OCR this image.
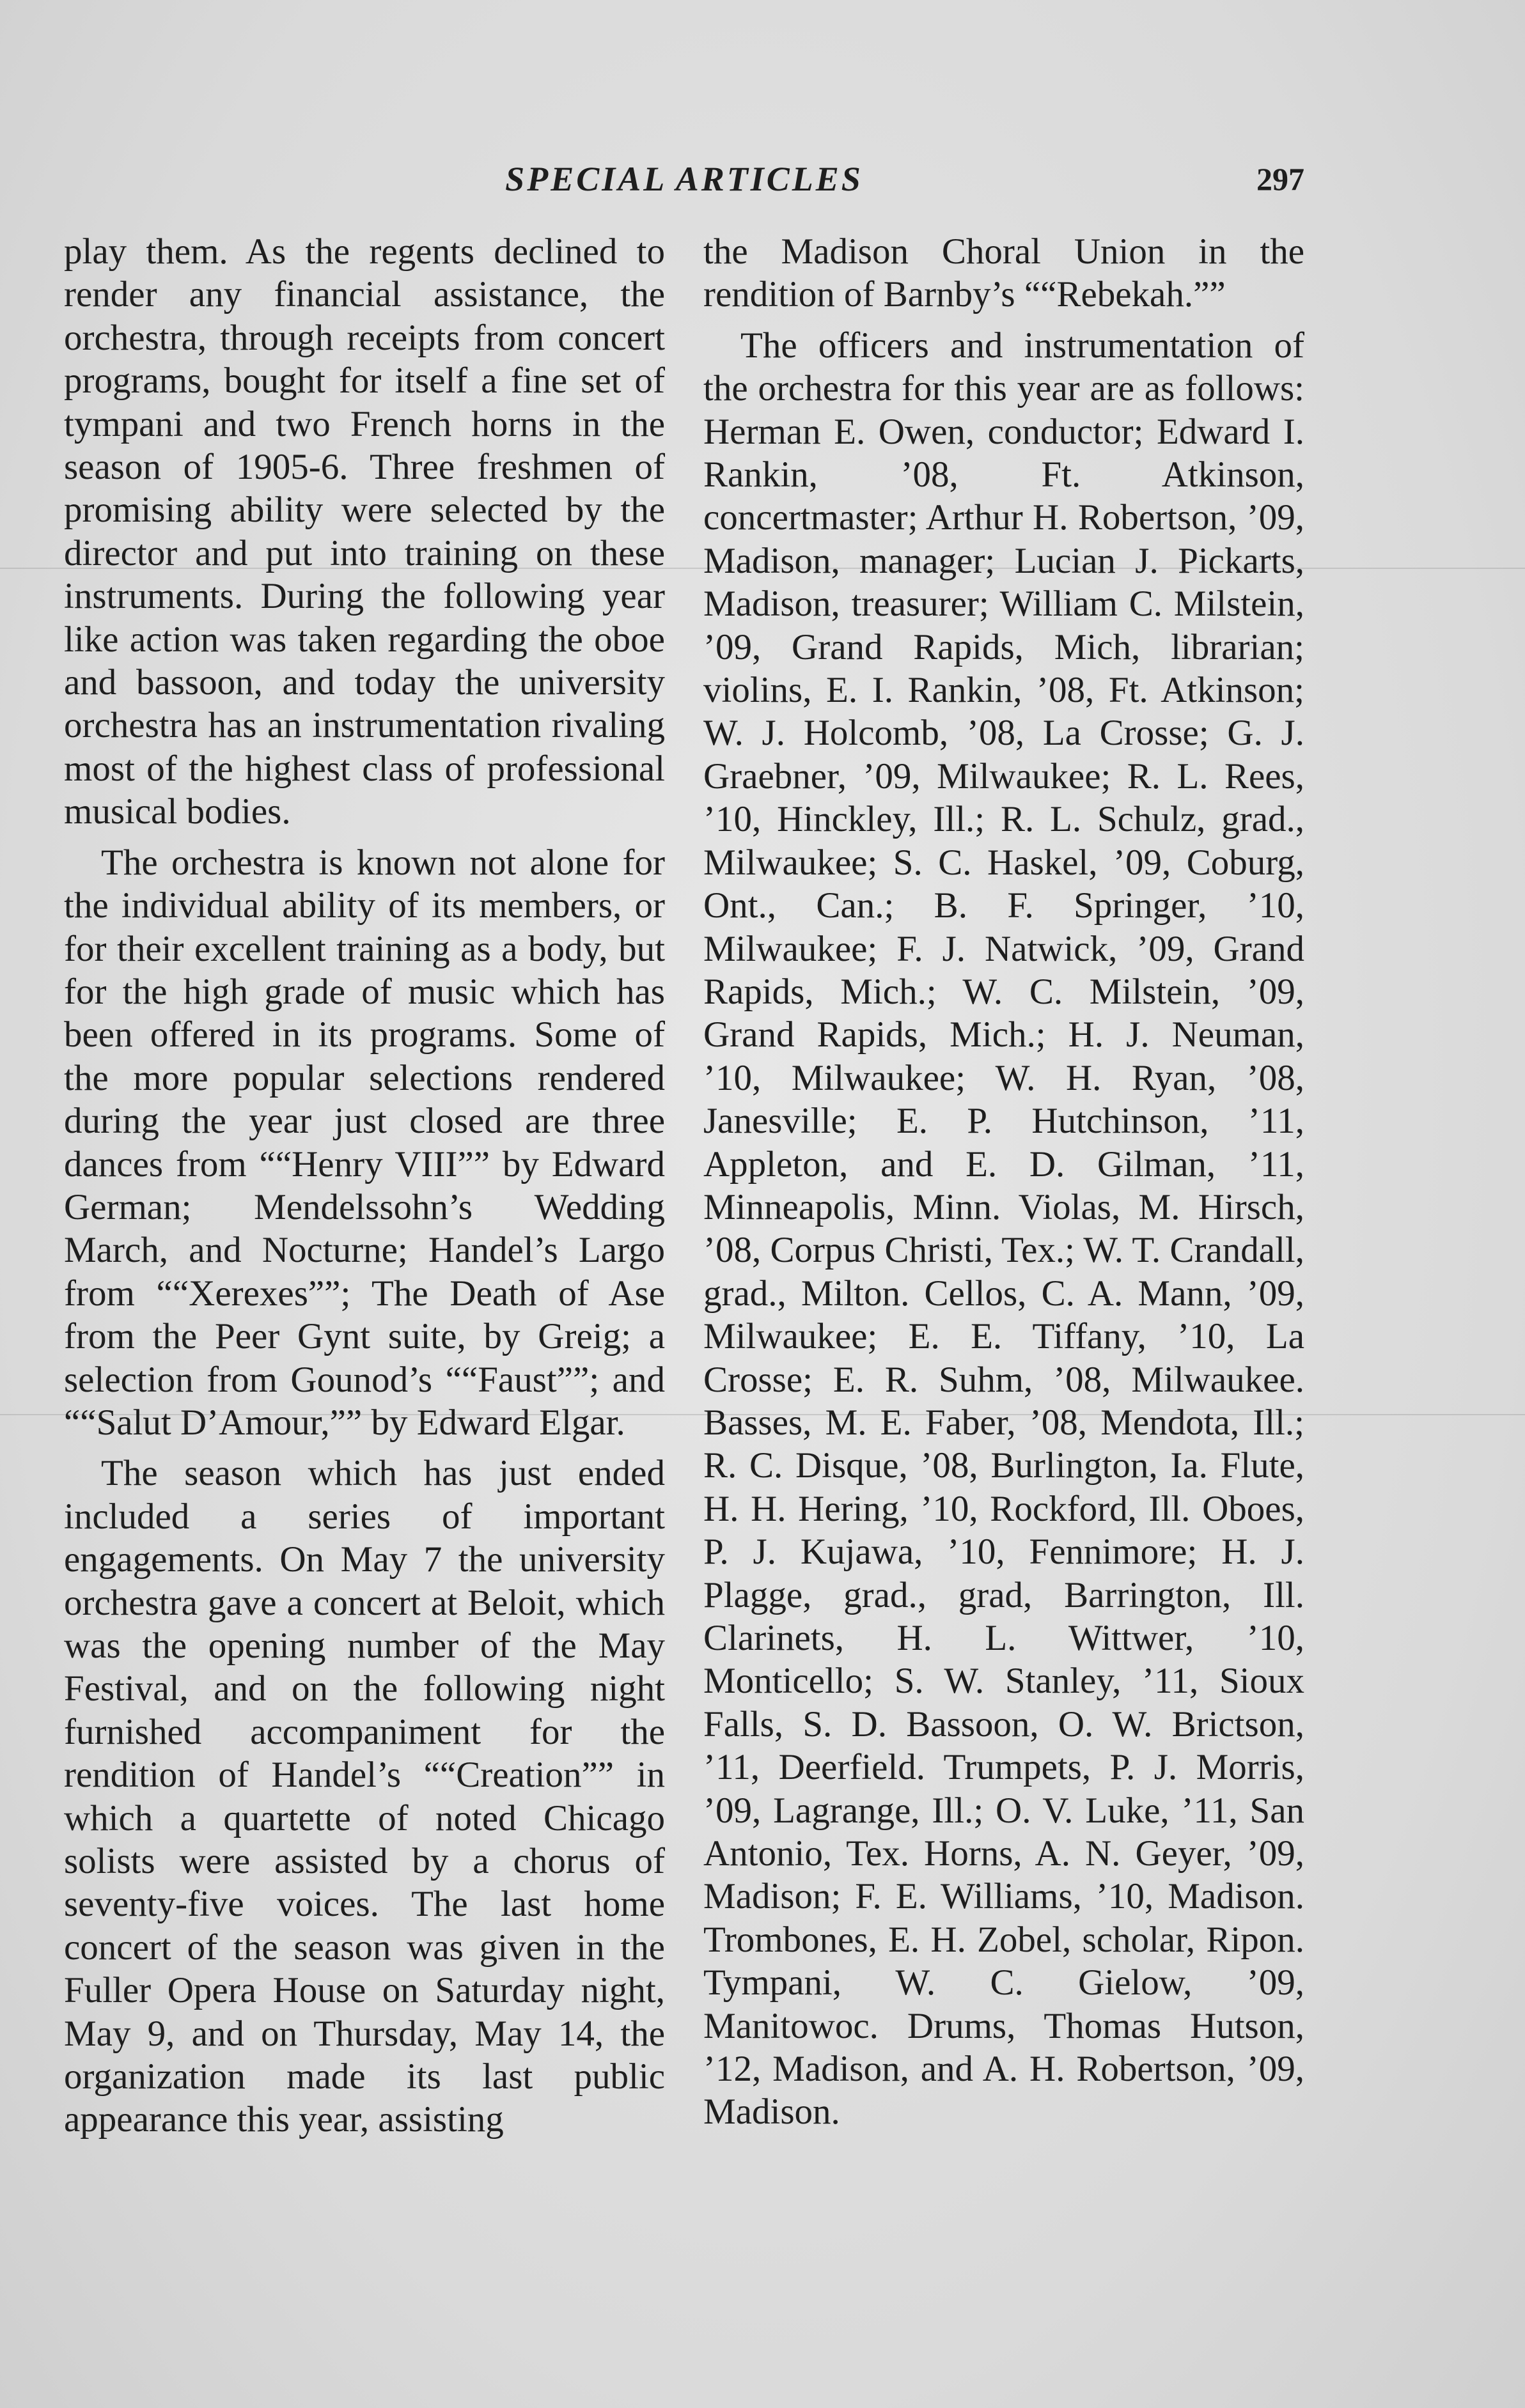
SPECIAL ARTICLES	297

play them. As the regents declined to render any financial assistance, the orchestra, through receipts from concert programs, bought for itself a fine set of tympani and two French horns in the season of 1905-6. Three freshmen of promising ability were selected by the director and put into training on these instruments. During the following year like action was taken regarding the oboe and bassoon, and today the university orchestra has an instrumentation rivaling most of the highest class of professional musical bodies.

The orchestra is known not alone for the individual ability of its members, or for their excellent training as a body, but for the high grade of music which has been offered in its programs. Some of the more popular selections rendered during the year just closed are three dances from ““Henry VIII”” by Edward German; Mendelssohn’s Wedding March, and Nocturne; Handel’s Largo from ““Xerexes””; The Death of Ase from the Peer Gynt suite, by Greig; a selection from Gounod’s ““Faust””; and ““Salut D’Amour,”” by Edward Elgar.

The season which has just ended included a series of important engagements. On May 7 the university orchestra gave a concert at Beloit, which was the opening number of the May Festival, and on the following night furnished accompaniment for the rendition of Handel’s ““Creation”” in which a quartette of noted Chicago solists were assisted by a chorus of seventy-five voices. The last home concert of the season was given in the Fuller Opera House on Saturday night, May 9, and on Thursday, May 14, the organization made its last public appearance this year, assisting

the Madison Choral Union in the rendition of Barnby’s ““Rebekah.””

The officers and instrumentation of the orchestra for this year are as follows: Herman E. Owen, conductor; Edward I. Rankin, ’08, Ft. Atkinson, concertmaster; Arthur H. Robertson, ’09, Madison, manager; Lucian J. Pickarts, Madison, treasurer; William C. Milstein, ’09, Grand Rapids, Mich, librarian; violins, E. I. Rankin, ’08, Ft. Atkinson; W. J. Holcomb, ’08, La Crosse; G. J. Graebner, ’09, Milwaukee; R. L. Rees, ’10, Hinckley, Ill.; R. L. Schulz, grad., Milwaukee; S. C. Haskel, ’09, Coburg, Ont., Can.; B. F. Springer, ’10, Milwaukee; F. J. Natwick, ’09, Grand Rapids, Mich.; W. C. Milstein, ’09, Grand Rapids, Mich.; H. J. Neuman, ’10, Milwaukee; W. H. Ryan, ’08, Janesville; E. P. Hutchinson, ’11, Appleton, and E. D. Gilman, ’11, Minneapolis, Minn. Violas, M. Hirsch, ’08, Corpus Christi, Tex.; W. T. Crandall, grad., Milton. Cellos, C. A. Mann, ’09, Milwaukee; E. E. Tiffany, ’10, La Crosse; E. R. Suhm, ’08, Milwaukee. Basses, M. E. Faber, ’08, Mendota, Ill.; R. C. Disque, ’08, Burlington, Ia. Flute, H. H. Hering, ’10, Rockford, Ill. Oboes, P. J. Kujawa, ’10, Fennimore; H. J. Plagge, grad., grad, Barrington, Ill. Clarinets, H. L. Wittwer, ’10, Monticello; S. W. Stanley, ’11, Sioux Falls, S. D. Bassoon, O. W. Brictson, ’11, Deerfield. Trumpets, P. J. Morris, ’09, Lagrange, Ill.; O. V. Luke, ’11, San Antonio, Tex. Horns, A. N. Geyer, ’09, Madison; F. E. Williams, ’10, Madison. Trombones, E. H. Zobel, scholar, Ripon. Tympani, W. C. Gielow, ’09, Manitowoc. Drums, Thomas Hutson, ’12, Madison, and A. H. Robertson, ’09, Madison.
